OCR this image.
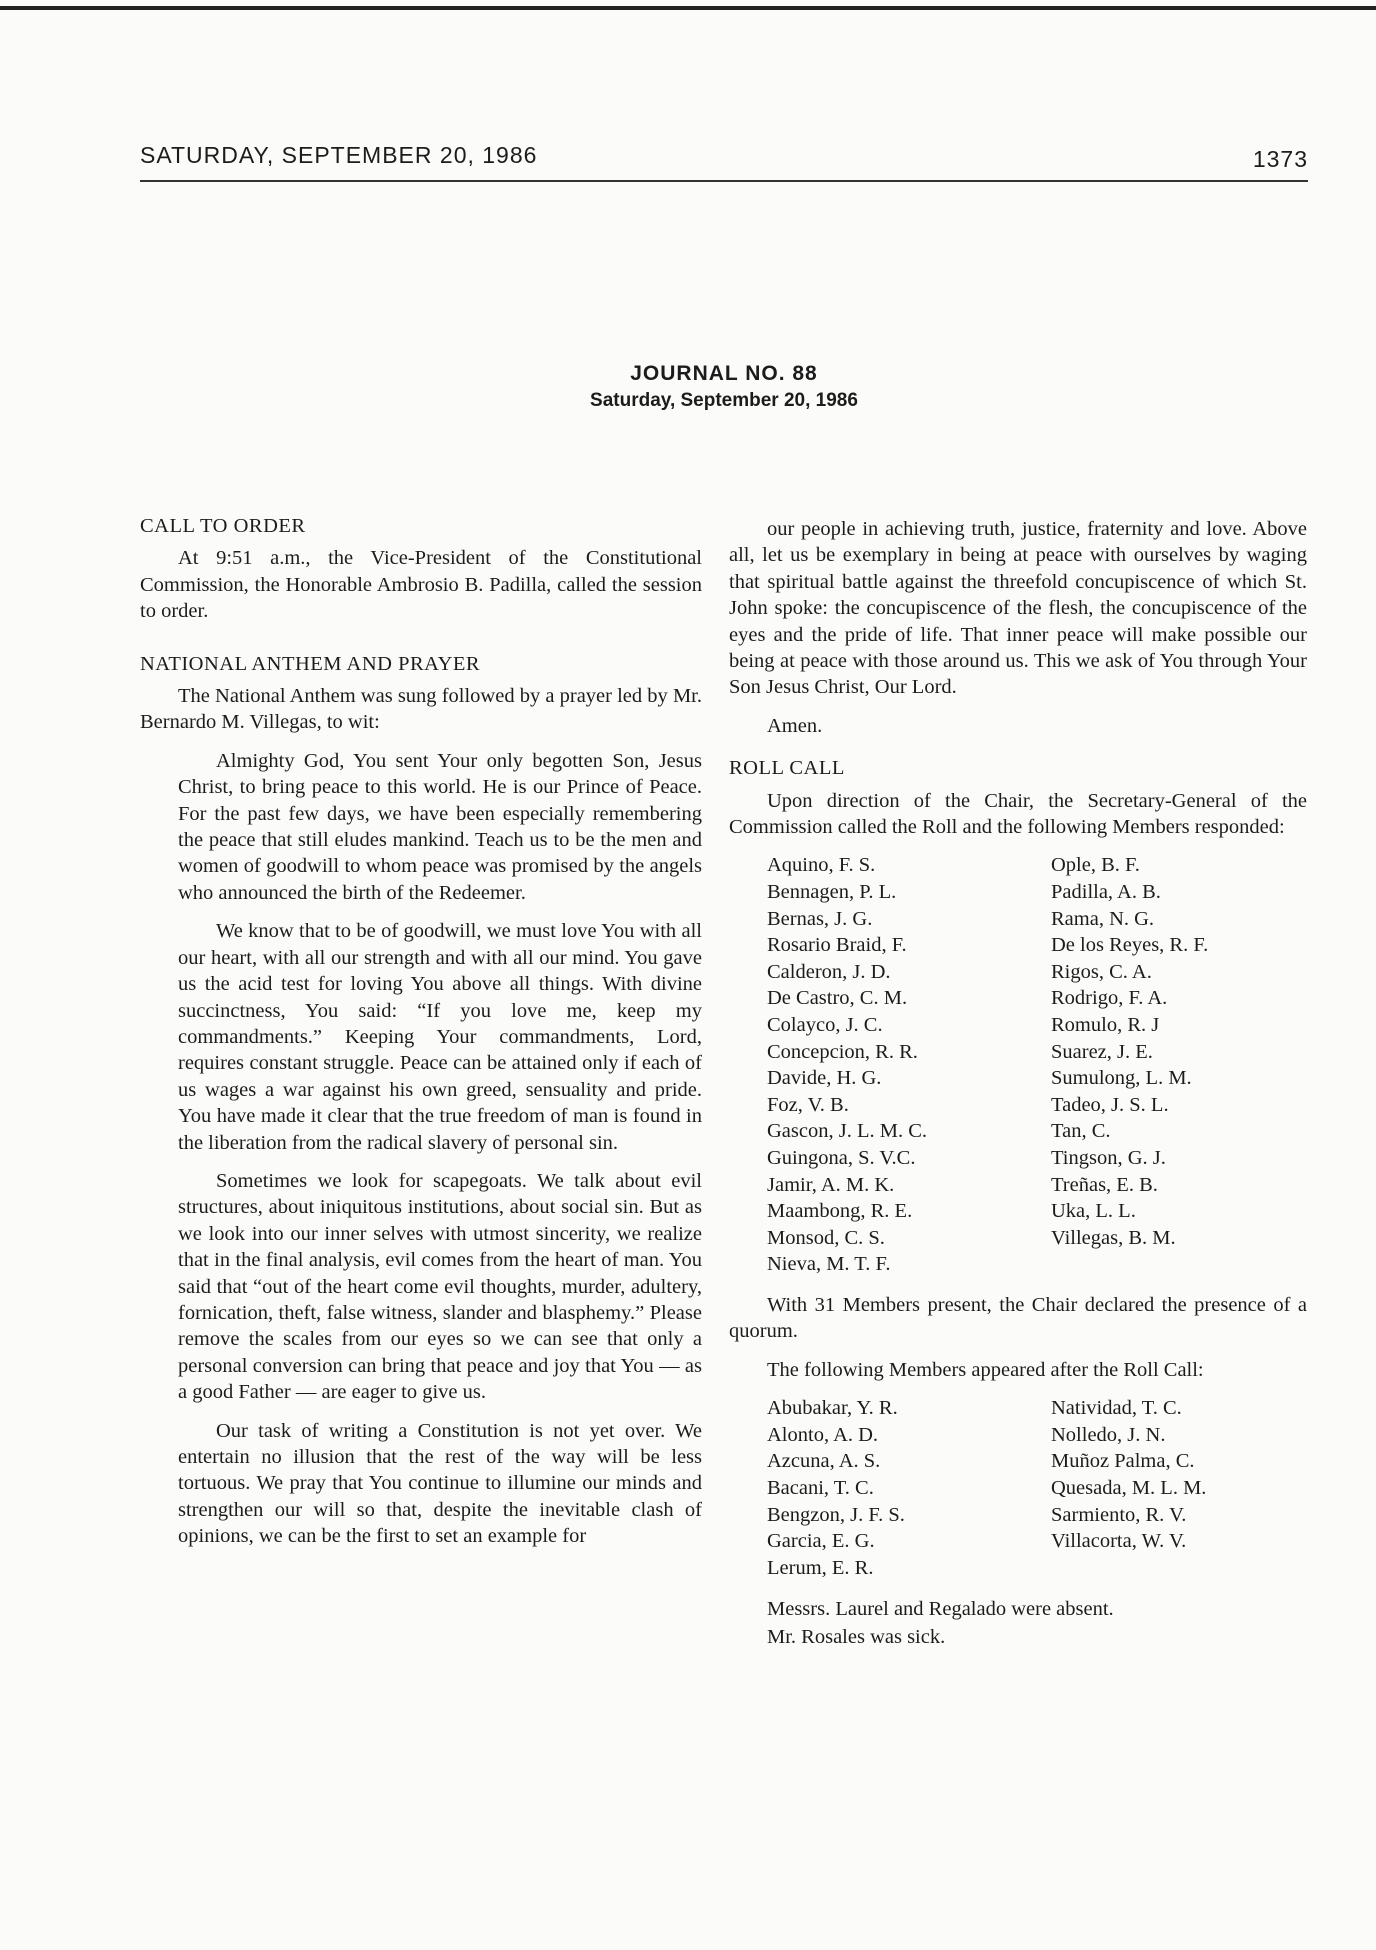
SATURDAY, SEPTEMBER 20, 1986	1373
JOURNAL NO. 88
Saturday, September 20, 1986
CALL TO ORDER

At 9:51 a.m., the Vice-President of the Constitutional Commission, the Honorable Ambrosio B. Padilla, called the session to order.

NATIONAL ANTHEM AND PRAYER

The National Anthem was sung followed by a prayer led by Mr. Bernardo M. Villegas, to wit:

Almighty God, You sent Your only begotten Son, Jesus Christ, to bring peace to this world. He is our Prince of Peace. For the past few days, we have been especially remembering the peace that still eludes mankind. Teach us to be the men and women of goodwill to whom peace was promised by the angels who announced the birth of the Redeemer.

We know that to be of goodwill, we must love You with all our heart, with all our strength and with all our mind. You gave us the acid test for loving You above all things. With divine succinctness, You said: “If you love me, keep my commandments.” Keeping Your commandments, Lord, requires constant struggle. Peace can be attained only if each of us wages a war against his own greed, sensuality and pride. You have made it clear that the true freedom of man is found in the liberation from the radical slavery of personal sin.

Sometimes we look for scapegoats. We talk about evil structures, about iniquitous institutions, about social sin. But as we look into our inner selves with utmost sincerity, we realize that in the final analysis, evil comes from the heart of man. You said that “out of the heart come evil thoughts, murder, adultery, fornication, theft, false witness, slander and blasphemy.” Please remove the scales from our eyes so we can see that only a personal conversion can bring that peace and joy that You — as a good Father — are eager to give us.

Our task of writing a Constitution is not yet over. We entertain no illusion that the rest of the way will be less tortuous. We pray that You continue to illumine our minds and strengthen our will so that, despite the inevitable clash of opinions, we can be the first to set an example for

our people in achieving truth, justice, fraternity and love. Above all, let us be exemplary in being at peace with ourselves by waging that spiritual battle against the threefold concupiscence of which St. John spoke: the concupiscence of the flesh, the concupiscence of the eyes and the pride of life. That inner peace will make possible our being at peace with those around us. This we ask of You through Your Son Jesus Christ, Our Lord.

Amen.
ROLL CALL

Upon direction of the Chair, the Secretary-General of the Commission called the Roll and the following Members responded:

Aquino, F. S.
Bennagen, P. L.
Bernas, J. G.
Rosario Braid, F.
Calderon, J. D.
De Castro, C. M.
Colayco, J. C.
Concepcion, R. R.
Davide, H. G.
Foz, V. B.
Gascon, J. L. M. C.
Guingona, S. V.C.
Jamir, A. M. K.
Maambong, R. E.
Monsod, C. S.
Nieva, M. T. F.
Ople, B. F.
Padilla, A. B.
Rama, N. G.
De los Reyes, R. F.
Rigos, C. A.
Rodrigo, F. A.
Romulo, R. J
Suarez, J. E.
Sumulong, L. M.
Tadeo, J. S. L.
Tan, C.
Tingson, G. J.
Treñas, E. B.
Uka, L. L.
Villegas, B. M.

With 31 Members present, the Chair declared the presence of a quorum.

The following Members appeared after the Roll Call:

Abubakar, Y. R.
Alonto, A. D.
Azcuna, A. S.
Bacani, T. C.
Bengzon, J. F. S.
Garcia, E. G.
Lerum, E. R.
Natividad, T. C.
Nolledo, J. N.
Muñoz Palma, C.
Quesada, M. L. M.
Sarmiento, R. V.
Villacorta, W. V.
Messrs. Laurel and Regalado were absent.
Mr. Rosales was sick.
